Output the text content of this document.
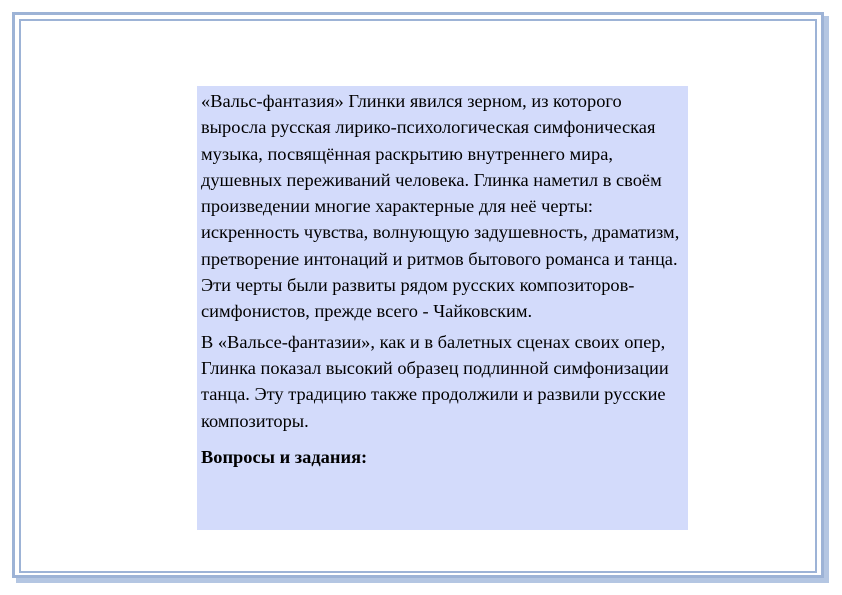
«Вальс-фантазия» Глинки явился зерном, из которого выросла русская лирико-психологическая симфоническая музыка, посвящённая раскрытию внутреннего мира, душевных переживаний человека. Глинка наметил в своём произведении многие характерные для неё черты: искренность чувства, волнующую задушевность, драматизм, претворение интонаций и ритмов бытового романса и танца. Эти черты были развиты рядом русских композиторов-симфонистов, прежде всего - Чайковским.

В «Вальсе-фантазии», как и в балетных сценах своих опер, Глинка показал высокий образец подлинной симфонизации танца. Эту традицию также продолжили и развили русские композиторы.

Вопросы и задания:
